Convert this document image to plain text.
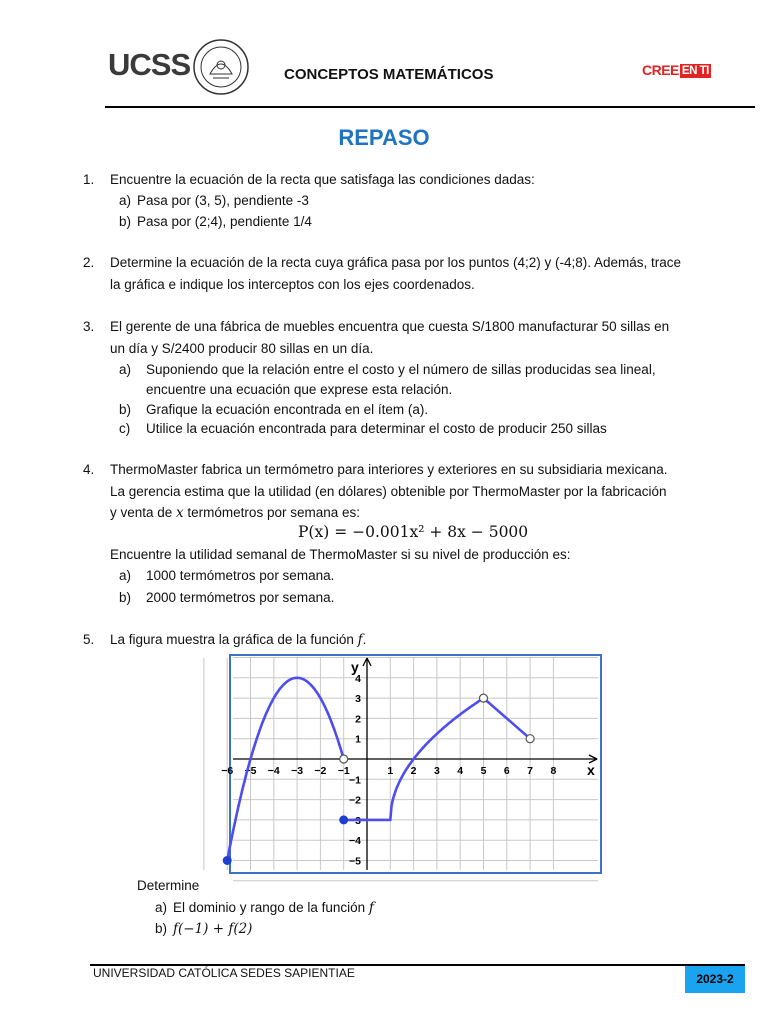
UCSS	CONCEPTOS MATEMÁTICOS	CREE EN TI
REPASO
1. Encuentre la ecuación de la recta que satisfaga las condiciones dadas:
a) Pasa por (3, 5), pendiente -3
b) Pasa por (2;4), pendiente 1/4
2. Determine la ecuación de la recta cuya gráfica pasa por los puntos (4;2) y (-4;8). Además, trace
la gráfica e indique los interceptos con los ejes coordenados.
3. El gerente de una fábrica de muebles encuentra que cuesta S/1800 manufacturar 50 sillas en
un día y S/2400 producir 80 sillas en un día.
a) Suponiendo que la relación entre el costo y el número de sillas producidas sea lineal,
encuentre una ecuación que exprese esta relación.
b) Grafique la ecuación encontrada en el ítem (a).
c) Utilice la ecuación encontrada para determinar el costo de producir 250 sillas
4. ThermoMaster fabrica un termómetro para interiores y exteriores en su subsidiaria mexicana.
La gerencia estima que la utilidad (en dólares) obtenible por ThermoMaster por la fabricación
y venta de x termómetros por semana es:
P(x) = −0.001x² + 8x − 5000
Encuentre la utilidad semanal de ThermoMaster si su nivel de producción es:
a) 1000 termómetros por semana.
b) 2000 termómetros por semana.
5. La figura muestra la gráfica de la función f.
x
y
−6 −5 −4 −3 −2 −1	1 2 3 4 5 6 7 8
−5
−4
−3
−2
−1
1
2
3
4
Determine
a) El dominio y rango de la función f
b) f(−1) + f(2)
UNIVERSIDAD CATÓLICA SEDES SAPIENTIAE	2023-2
